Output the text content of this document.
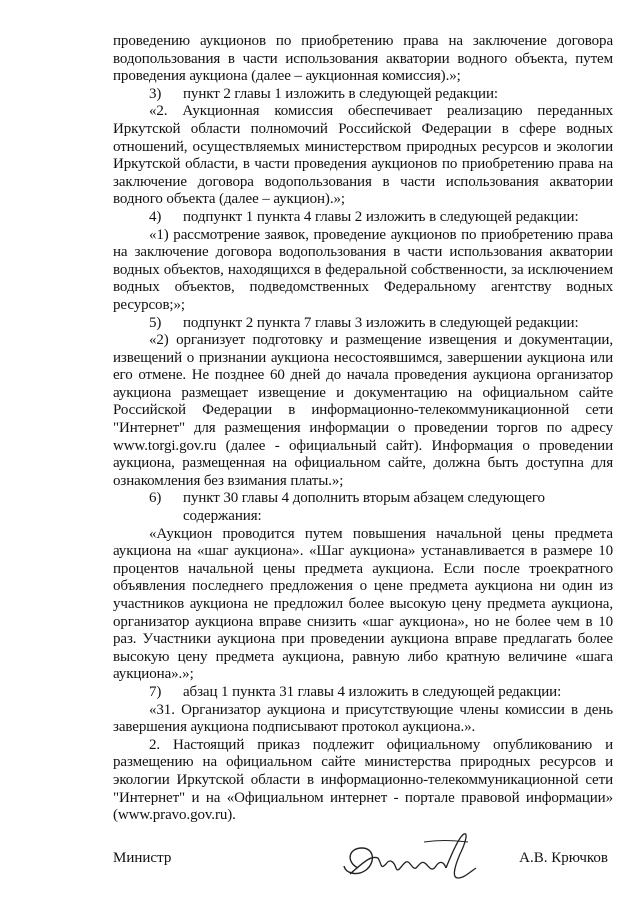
проведению аукционов по приобретению права на заключение договора водопользования в части использования акватории водного объекта, путем проведения аукциона (далее – аукционная комиссия).»;

3)	пункт 2 главы 1 изложить в следующей редакции:

«2. Аукционная комиссия обеспечивает реализацию переданных Иркутской области полномочий Российской Федерации в сфере водных отношений, осуществляемых министерством природных ресурсов и экологии Иркутской области, в части проведения аукционов по приобретению права на заключение договора водопользования в части использования акватории водного объекта (далее – аукцион).»;

4)	подпункт 1 пункта 4 главы 2 изложить в следующей редакции:

«1) рассмотрение заявок, проведение аукционов по приобретению права на заключение договора водопользования в части использования акватории водных объектов, находящихся в федеральной собственности, за исключением водных объектов, подведомственных Федеральному агентству водных ресурсов;»;

5)	подпункт 2 пункта 7 главы 3 изложить в следующей редакции:

«2) организует подготовку и размещение извещения и документации, извещений о признании аукциона несостоявшимся, завершении аукциона или его отмене. Не позднее 60 дней до начала проведения аукциона организатор аукциона размещает извещение и документацию на официальном сайте Российской Федерации в информационно-телекоммуникационной сети "Интернет" для размещения информации о проведении торгов по адресу www.torgi.gov.ru (далее - официальный сайт). Информация о проведении аукциона, размещенная на официальном сайте, должна быть доступна для ознакомления без взимания платы.»;

6)	пункт 30 главы 4 дополнить вторым абзацем следующего содержания:

«Аукцион проводится путем повышения начальной цены предмета аукциона на «шаг аукциона». «Шаг аукциона» устанавливается в размере 10 процентов начальной цены предмета аукциона. Если после троекратного объявления последнего предложения о цене предмета аукциона ни один из участников аукциона не предложил более высокую цену предмета аукциона, организатор аукциона вправе снизить «шаг аукциона», но не более чем в 10 раз. Участники аукциона при проведении аукциона вправе предлагать более высокую цену предмета аукциона, равную либо кратную величине «шага аукциона».»;

7)	абзац 1 пункта 31 главы 4 изложить в следующей редакции:

«31. Организатор аукциона и присутствующие члены комиссии в день завершения аукциона подписывают протокол аукциона.».

2. Настоящий приказ подлежит официальному опубликованию и размещению на официальном сайте министерства природных ресурсов и экологии Иркутской области в информационно-телекоммуникационной сети "Интернет" и на «Официальном интернет - портале правовой информации» (www.pravo.gov.ru).

Министр	А.В. Крючков
